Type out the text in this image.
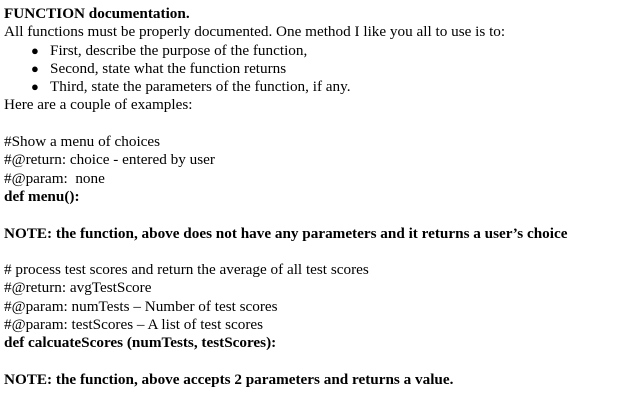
FUNCTION documentation.
All functions must be properly documented. One method I like you all to use is to:
● First, describe the purpose of the function,
● Second, state what the function returns
● Third, state the parameters of the function, if any.
Here are a couple of examples:
#Show a menu of choices
#@return: choice - entered by user
#@param:  none
def menu():
NOTE: the function, above does not have any parameters and it returns a user’s choice
# process test scores and return the average of all test scores
#@return: avgTestScore
#@param: numTests – Number of test scores
#@param: testScores – A list of test scores
def calcuateScores (numTests, testScores):
NOTE: the function, above accepts 2 parameters and returns a value.
